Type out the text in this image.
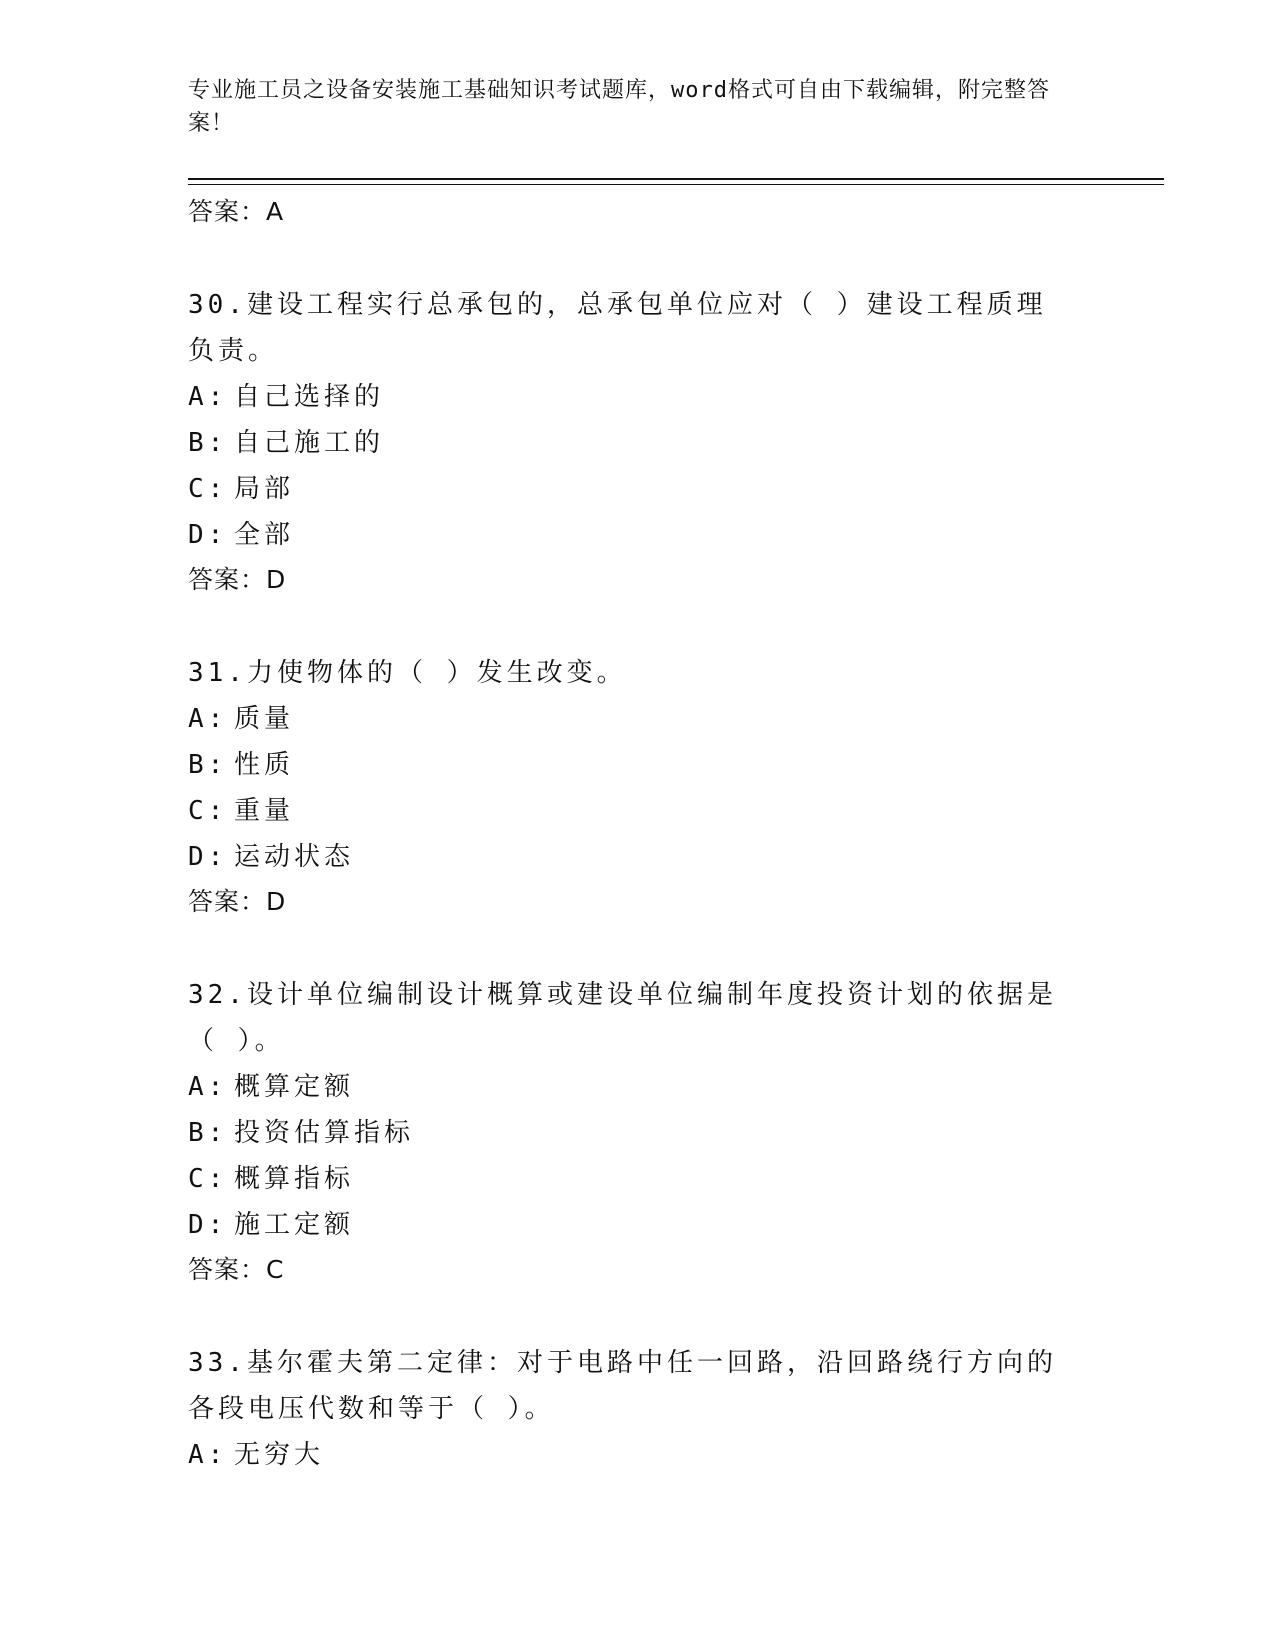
专业施工员之设备安装施工基础知识考试题库，word格式可自由下载编辑，附完整答案！
答案：A
30.建设工程实行总承包的，总承包单位应对（ ）建设工程质理负责。
A: 自己选择的
B: 自己施工的
C: 局部
D: 全部
答案：D
31.力使物体的（ ）发生改变。
A: 质量
B: 性质
C: 重量
D: 运动状态
答案：D
32.设计单位编制设计概算或建设单位编制年度投资计划的依据是（ ）。
A: 概算定额
B: 投资估算指标
C: 概算指标
D: 施工定额
答案：C
33.基尔霍夫第二定律：对于电路中任一回路，沿回路绕行方向的各段电压代数和等于（ ）。
A: 无穷大
